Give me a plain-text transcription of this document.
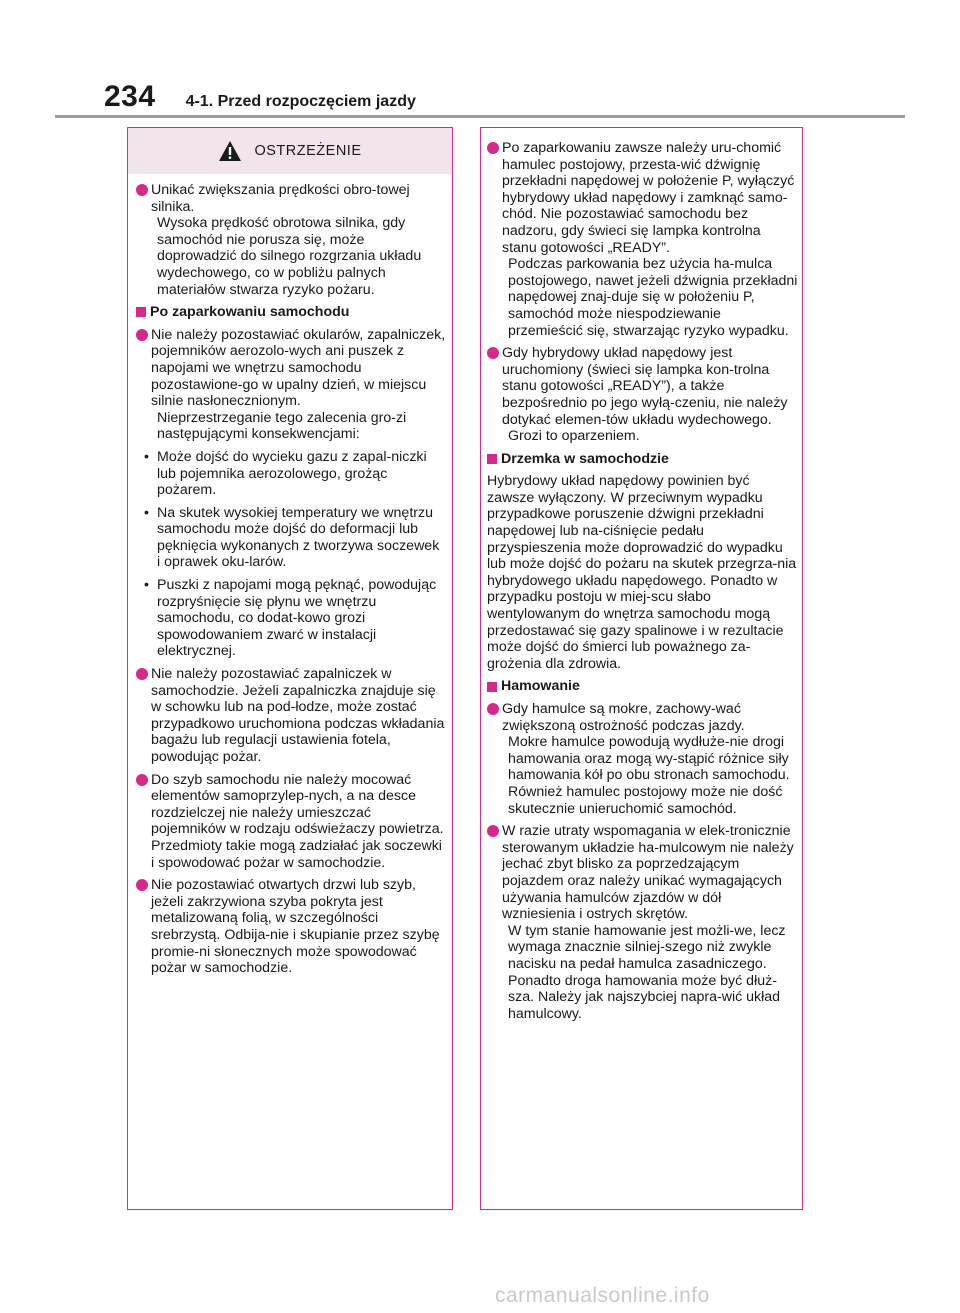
234 4-1. Przed rozpoczęciem jazdy
OSTRZEŻENIE
Unikać zwiększania prędkości obro-towej silnika.
Wysoka prędkość obrotowa silnika, gdy samochód nie porusza się, może doprowadzić do silnego rozgrzania układu wydechowego, co w pobliżu palnych materiałów stwarza ryzyko pożaru.
Po zaparkowaniu samochodu
Nie należy pozostawiać okularów, zapalniczek, pojemników aerozolo-wych ani puszek z napojami we wnętrzu samochodu pozostawione-go w upalny dzień, w miejscu silnie nasłonecznionym.
Nieprzestrzeganie tego zalecenia gro-zi następującymi konsekwencjami:
• Może dojść do wycieku gazu z zapal-niczki lub pojemnika aerozolowego, grożąc pożarem.
• Na skutek wysokiej temperatury we wnętrzu samochodu może dojść do deformacji lub pęknięcia wykonanych z tworzywa soczewek i oprawek oku-larów.
• Puszki z napojami mogą pęknąć, powodując rozpryśnięcie się płynu we wnętrzu samochodu, co dodat-kowo grozi spowodowaniem zwarć w instalacji elektrycznej.
Nie należy pozostawiać zapalniczek w samochodzie. Jeżeli zapalniczka znajduje się w schowku lub na pod-łodze, może zostać przypadkowo uruchomiona podczas wkładania bagażu lub regulacji ustawienia fotela, powodując pożar.
Do szyb samochodu nie należy mocować elementów samoprzylep-nych, a na desce rozdzielczej nie należy umieszczać pojemników w rodzaju odświeżaczy powietrza. Przedmioty takie mogą zadziałać jak soczewki i spowodować pożar w samochodzie.
Nie pozostawiać otwartych drzwi lub szyb, jeżeli zakrzywiona szyba pokryta jest metalizowaną folią, w szczególności srebrzystą. Odbija-nie i skupianie przez szybę promie-ni słonecznych może spowodować pożar w samochodzie.
Po zaparkowaniu zawsze należy uru-chomić hamulec postojowy, przesta-wić dźwignię przekładni napędowej w położenie P, wyłączyć hybrydowy układ napędowy i zamknąć samo-chód. Nie pozostawiać samochodu bez nadzoru, gdy świeci się lampka kontrolna stanu gotowości „READY”.
Podczas parkowania bez użycia ha-mulca postojowego, nawet jeżeli dźwignia przekładni napędowej znaj-duje się w położeniu P, samochód może niespodziewanie przemieścić się, stwarzając ryzyko wypadku.
Gdy hybrydowy układ napędowy jest uruchomiony (świeci się lampka kon-trolna stanu gotowości „READY”), a także bezpośrednio po jego wyłą-czeniu, nie należy dotykać elemen-tów układu wydechowego.
Grozi to oparzeniem.
Drzemka w samochodzie
Hybrydowy układ napędowy powinien być zawsze wyłączony. W przeciwnym wypadku przypadkowe poruszenie dźwigni przekładni napędowej lub na-ciśnięcie pedału przyspieszenia może doprowadzić do wypadku lub może dojść do pożaru na skutek przegrza-nia hybrydowego układu napędowego. Ponadto w przypadku postoju w miej-scu słabo wentylowanym do wnętrza samochodu mogą przedostawać się gazy spalinowe i w rezultacie może dojść do śmierci lub poważnego za-grożenia dla zdrowia.
Hamowanie
Gdy hamulce są mokre, zachowy-wać zwiększoną ostrożność podczas jazdy.
Mokre hamulce powodują wydłuże-nie drogi hamowania oraz mogą wy-stąpić różnice siły hamowania kół po obu stronach samochodu. Również hamulec postojowy może nie dość skutecznie unieruchomić samochód.
W razie utraty wspomagania w elek-tronicznie sterowanym układzie ha-mulcowym nie należy jechać zbyt blisko za poprzedzającym pojazdem oraz należy unikać wymagających używania hamulców zjazdów w dół wzniesienia i ostrych skrętów.
W tym stanie hamowanie jest możli-we, lecz wymaga znacznie silniej-szego niż zwykle nacisku na pedał hamulca zasadniczego. Ponadto droga hamowania może być dłuż-sza. Należy jak najszybciej napra-wić układ hamulcowy.
carmanualsonline.info
